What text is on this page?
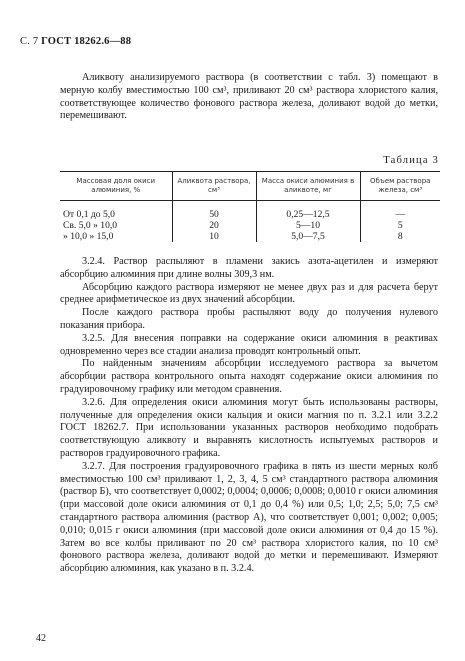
С. 7 ГОСТ 18262.6—88

Аликвоту анализируемого раствора (в соответствии с табл. 3) помещают в мерную колбу вместимостью 100 см³, приливают 20 см³ раствора хлористого калия, соответствующее количество фонового раствора железа, доливают водой до метки, перемешивают.

Таблица 3
Массовая доля окиси алюминия, %	Аликвота раствора, см³	Масса окиси алюминия в аликвоте, мг	Объем раствора железа, см³
От 0,1 до 5,0	50	0,25—12,5	—
Св. 5,0 » 10,0	20	5—10	5
» 10,0 » 15,0	10	5,0—7,5	8

3.2.4. Раствор распыляют в пламени закись азота-ацетилен и измеряют абсорбцию алюминия при длине волны 309,3 нм.

Абсорбцию каждого раствора измеряют не менее двух раз и для расчета берут среднее арифметическое из двух значений абсорбции.

После каждого раствора пробы распыляют воду до получения нулевого показания прибора.

3.2.5. Для внесения поправки на содержание окиси алюминия в реактивах одновременно через все стадии анализа проводят контрольный опыт.

По найденным значениям абсорбции исследуемого раствора за вычетом абсорбции раствора контрольного опыта находят содержание окиси алюминия по градуировочному графику или методом сравнения.

3.2.6. Для определения окиси алюминия могут быть использованы растворы, полученные для определения окиси кальция и окиси магния по п. 3.2.1 или 3.2.2 ГОСТ 18262.7. При использовании указанных растворов необходимо подобрать соответствующую аликвоту и выравнять кислотность испытуемых растворов и растворов градуировочного графика.

3.2.7. Для построения градуировочного графика в пять из шести мерных колб вместимостью 100 см³ приливают 1, 2, 3, 4, 5 см³ стандартного раствора алюминия (раствор Б), что соответствует 0,0002; 0,0004; 0,0006; 0,0008; 0,0010 г окиси алюминия (при массовой доле окиси алюминия от 0,1 до 0,4 %) или 0,5; 1,0; 2,5; 5,0; 7,5 см³ стандартного раствора алюминия (раствор А), что соответствует 0,001; 0,002; 0,005; 0,010; 0,015 г окиси алюминия (при массовой доле окиси алюминия от 0,4 до 15 %). Затем во все колбы приливают по 20 см³ раствора хлористого калия, по 10 см³ фонового раствора железа, доливают водой до метки и перемешивают. Измеряют абсорбцию алюминия, как указано в п. 3.2.4.

42
